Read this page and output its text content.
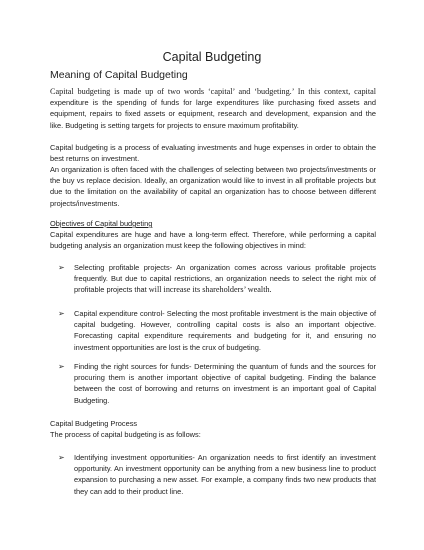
Capital Budgeting
Meaning of Capital Budgeting
Capital budgeting is made up of two words ‘capital’ and ‘budgeting.’ In this context, capital expenditure is the spending of funds for large expenditures like purchasing fixed assets and equipment, repairs to fixed assets or equipment, research and development, expansion and the like. Budgeting is setting targets for projects to ensure maximum profitability.
Capital budgeting is a process of evaluating investments and huge expenses in order to obtain the best returns on investment.
An organization is often faced with the challenges of selecting between two projects/investments or the buy vs replace decision. Ideally, an organization would like to invest in all profitable projects but due to the limitation on the availability of capital an organization has to choose between different projects/investments.
Objectives of Capital budgeting
Capital expenditures are huge and have a long-term effect. Therefore, while performing a capital budgeting analysis an organization must keep the following objectives in mind:
➢ Selecting profitable projects- An organization comes across various profitable projects frequently. But due to capital restrictions, an organization needs to select the right mix of profitable projects that will increase its shareholders’ wealth.
➢ Capital expenditure control- Selecting the most profitable investment is the main objective of capital budgeting. However, controlling capital costs is also an important objective. Forecasting capital expenditure requirements and budgeting for it, and ensuring no investment opportunities are lost is the crux of budgeting.
➢ Finding the right sources for funds- Determining the quantum of funds and the sources for procuring them is another important objective of capital budgeting. Finding the balance between the cost of borrowing and returns on investment is an important goal of Capital Budgeting.
Capital Budgeting Process
The process of capital budgeting is as follows:
➢ Identifying investment opportunities- An organization needs to first identify an investment opportunity. An investment opportunity can be anything from a new business line to product expansion to purchasing a new asset. For example, a company finds two new products that they can add to their product line.
